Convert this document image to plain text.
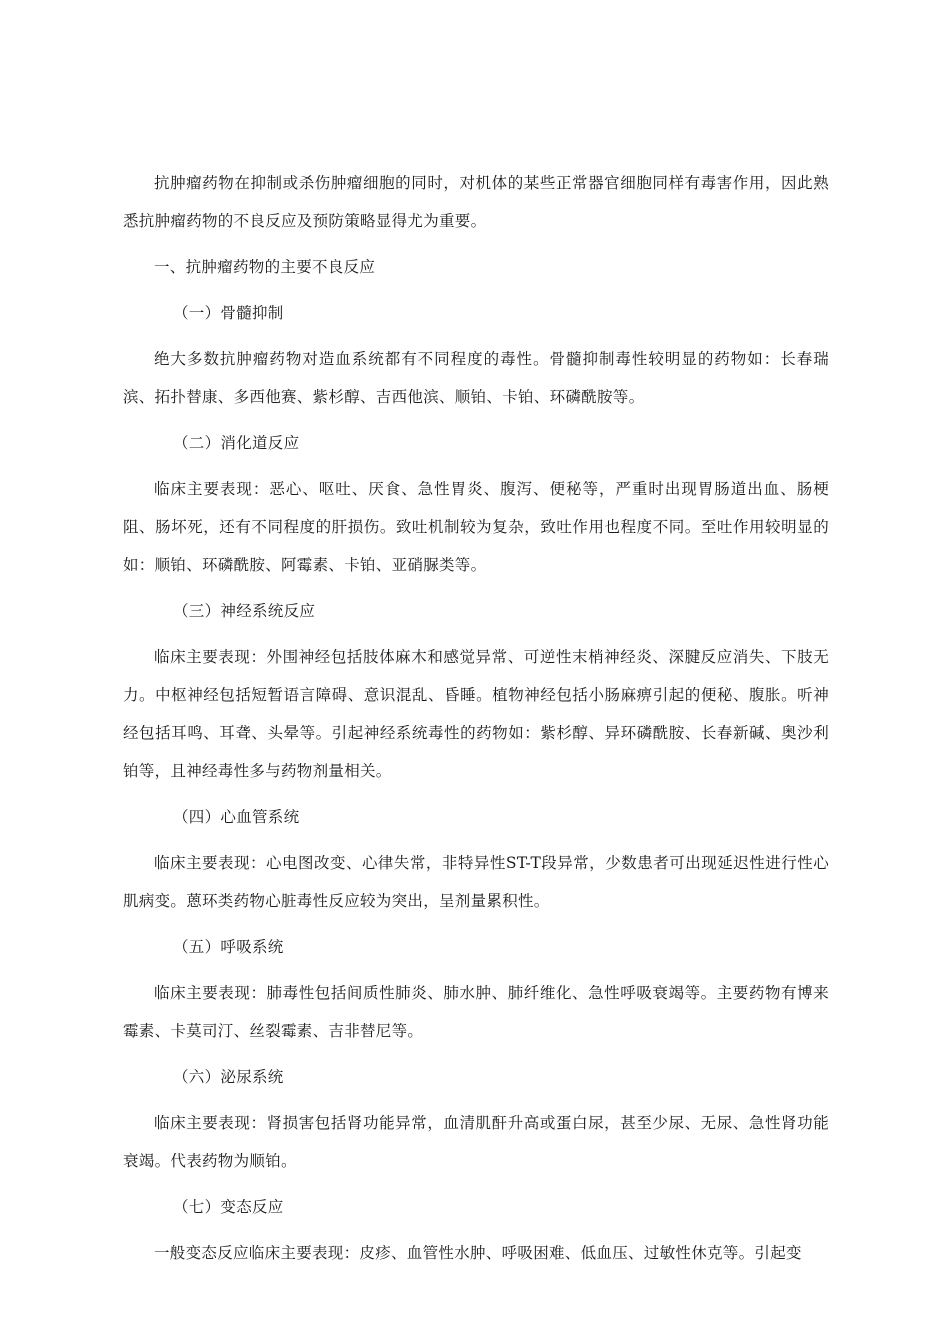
抗肿瘤药物在抑制或杀伤肿瘤细胞的同时，对机体的某些正常器官细胞同样有毒害作用，因此熟悉抗肿瘤药物的不良反应及预防策略显得尤为重要。

一、抗肿瘤药物的主要不良反应

（一）骨髓抑制

绝大多数抗肿瘤药物对造血系统都有不同程度的毒性。骨髓抑制毒性较明显的药物如：长春瑞滨、拓扑替康、多西他赛、紫杉醇、吉西他滨、顺铂、卡铂、环磷酰胺等。

（二）消化道反应

临床主要表现：恶心、呕吐、厌食、急性胃炎、腹泻、便秘等，严重时出现胃肠道出血、肠梗阻、肠坏死，还有不同程度的肝损伤。致吐机制较为复杂，致吐作用也程度不同。至吐作用较明显的如：顺铂、环磷酰胺、阿霉素、卡铂、亚硝脲类等。

（三）神经系统反应

临床主要表现：外围神经包括肢体麻木和感觉异常、可逆性末梢神经炎、深腱反应消失、下肢无力。中枢神经包括短暂语言障碍、意识混乱、昏睡。植物神经包括小肠麻痹引起的便秘、腹胀。听神经包括耳鸣、耳聋、头晕等。引起神经系统毒性的药物如：紫杉醇、异环磷酰胺、长春新碱、奥沙利铂等，且神经毒性多与药物剂量相关。

（四）心血管系统

临床主要表现：心电图改变、心律失常，非特异性ST-T段异常，少数患者可出现延迟性进行性心肌病变。蒽环类药物心脏毒性反应较为突出，呈剂量累积性。

（五）呼吸系统

临床主要表现：肺毒性包括间质性肺炎、肺水肿、肺纤维化、急性呼吸衰竭等。主要药物有博来霉素、卡莫司汀、丝裂霉素、吉非替尼等。

（六）泌尿系统

临床主要表现：肾损害包括肾功能异常，血清肌酐升高或蛋白尿，甚至少尿、无尿、急性肾功能衰竭。代表药物为顺铂。

（七）变态反应

一般变态反应临床主要表现：皮疹、血管性水肿、呼吸困难、低血压、过敏性休克等。引起变
